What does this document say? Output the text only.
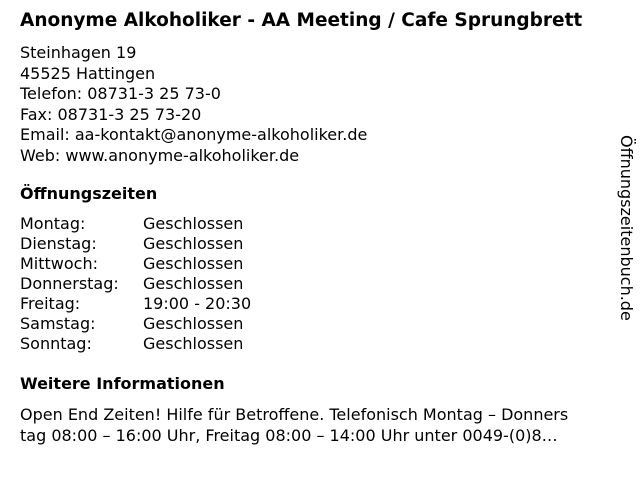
Anonyme Alkoholiker - AA Meeting / Cafe Sprungbrett
Steinhagen 19
45525 Hattingen
Telefon: 08731-3 25 73-0
Fax: 08731-3 25 73-20
Email: aa-kontakt@anonyme-alkoholiker.de
Web: www.anonyme-alkoholiker.de
Öffnungszeiten
Montag:	Geschlossen
Dienstag:	Geschlossen
Mittwoch:	Geschlossen
Donnerstag:	Geschlossen
Freitag:	19:00 - 20:30
Samstag:	Geschlossen
Sonntag:	Geschlossen
Weitere Informationen
Open End Zeiten! Hilfe für Betroffene. Telefonisch Montag – Donners
tag 08:00 – 16:00 Uhr, Freitag 08:00 – 14:00 Uhr unter 0049-(0)8…
Öffnungszeitenbuch.de
